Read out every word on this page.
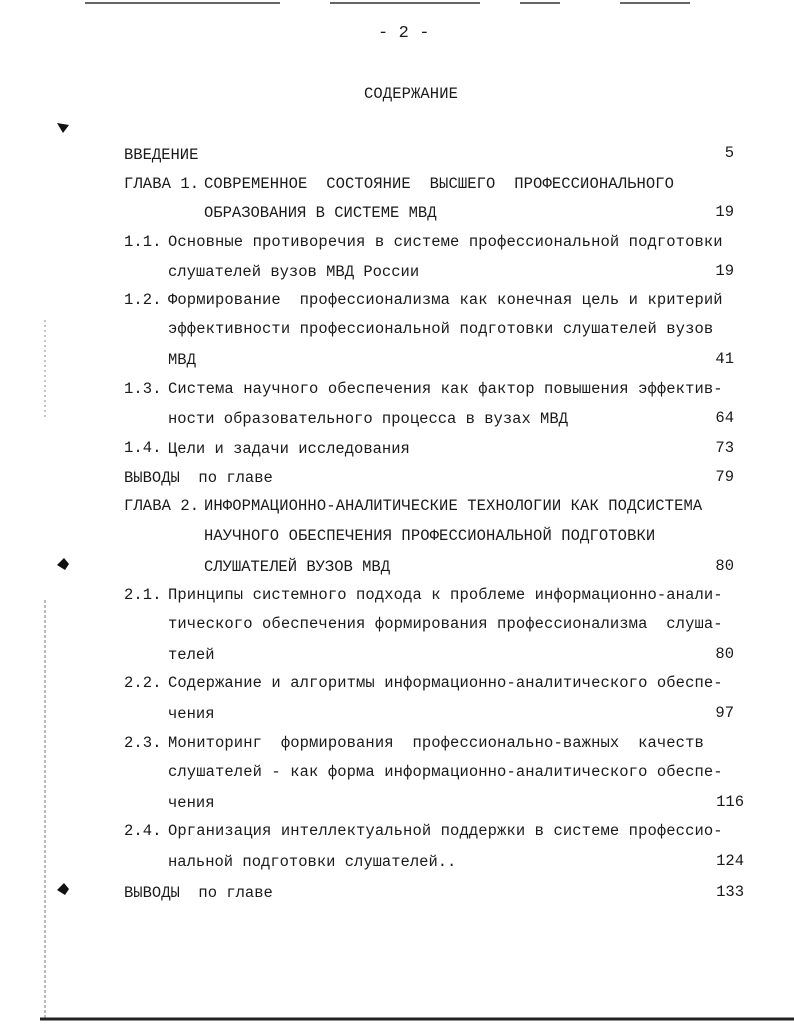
- 2 -
СОДЕРЖАНИЕ
ВВЕДЕНИЕ	5
ГЛАВА 1. СОВРЕМЕННОЕ  СОСТОЯНИЕ  ВЫСШЕГО  ПРОФЕССИОНАЛЬНОГО
ОБРАЗОВАНИЯ В СИСТЕМЕ МВД	19
1.1. Основные противоречия в системе профессиональной подготовки
слушателей вузов МВД России	19
1.2. Формирование  профессионализма как конечная цель и критерий
эффективности профессиональной подготовки слушателей вузов
МВД	41
1.3. Система научного обеспечения как фактор повышения эффектив-
ности образовательного процесса в вузах МВД	64
1.4. Цели и задачи исследования	73
ВЫВОДЫ  по главе	79
ГЛАВА 2. ИНФОРМАЦИОННО-АНАЛИТИЧЕСКИЕ ТЕХНОЛОГИИ КАК ПОДСИСТЕМА
НАУЧНОГО ОБЕСПЕЧЕНИЯ ПРОФЕССИОНАЛЬНОЙ ПОДГОТОВКИ
СЛУШАТЕЛЕЙ ВУЗОВ МВД	80
2.1. Принципы системного подхода к проблеме информационно-анали-
тического обеспечения формирования профессионализма  слуша-
телей	80
2.2. Содержание и алгоритмы информационно-аналитического обеспе-
чения	97
2.3. Мониторинг  формирования  профессионально-важных  качеств
слушателей - как форма информационно-аналитического обеспе-
чения	116
2.4. Организация интеллектуальной поддержки в системе профессио-
нальной подготовки слушателей..	124
ВЫВОДЫ  по главе	133
